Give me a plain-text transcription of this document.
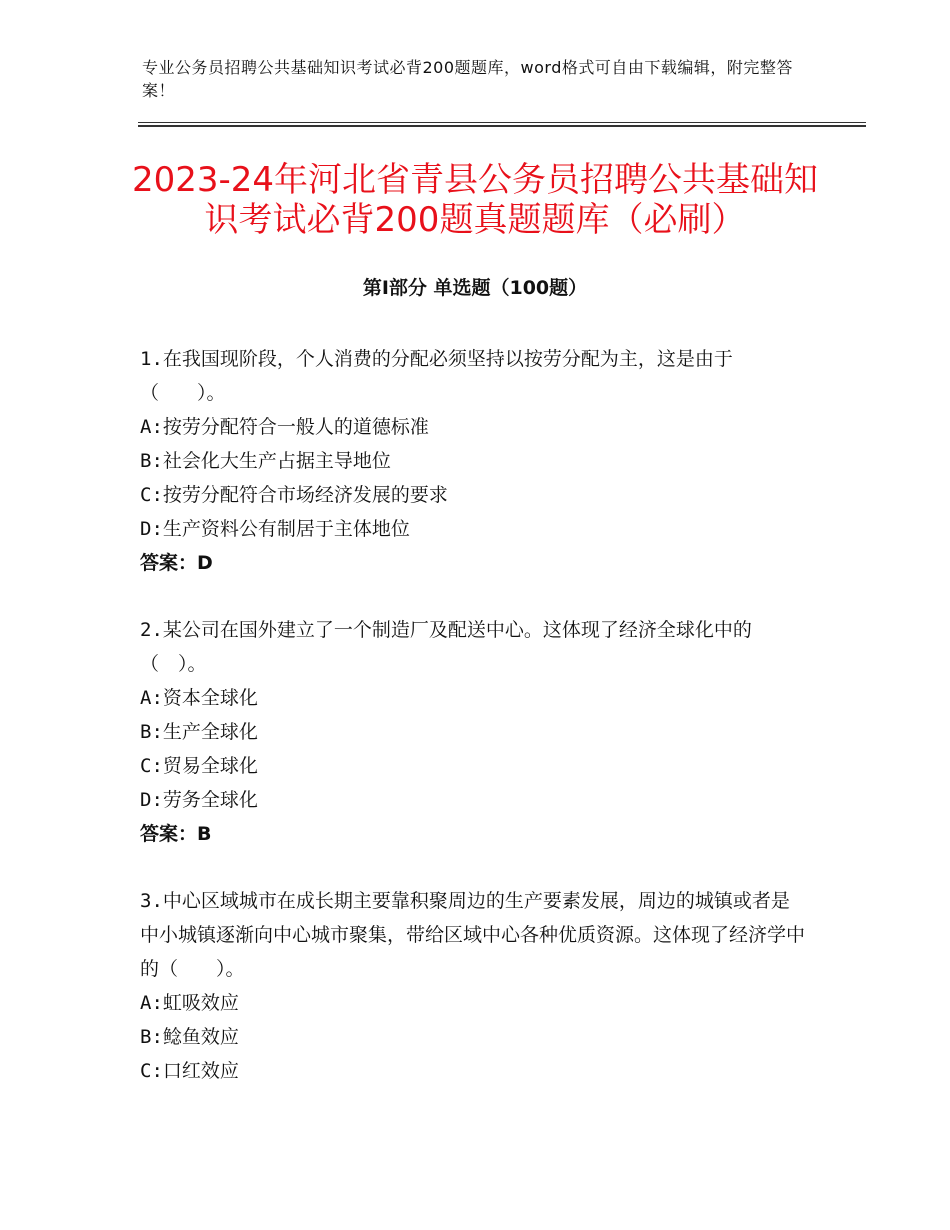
专业公务员招聘公共基础知识考试必背200题题库，word格式可自由下载编辑，附完整答案！
2023-24年河北省青县公务员招聘公共基础知识考试必背200题真题题库（必刷）
第Ⅰ部分 单选题（100题）

1.在我国现阶段，个人消费的分配必须坚持以按劳分配为主，这是由于（　　）。

A:按劳分配符合一般人的道德标准

B:社会化大生产占据主导地位

C:按劳分配符合市场经济发展的要求

D:生产资料公有制居于主体地位

答案：D

2.某公司在国外建立了一个制造厂及配送中心。这体现了经济全球化中的（　）。

A:资本全球化

B:生产全球化

C:贸易全球化

D:劳务全球化

答案：B

3.中心区域城市在成长期主要靠积聚周边的生产要素发展，周边的城镇或者是中小城镇逐渐向中心城市聚集，带给区域中心各种优质资源。这体现了经济学中的（　　）。

A:虹吸效应

B:鲶鱼效应

C:口红效应
